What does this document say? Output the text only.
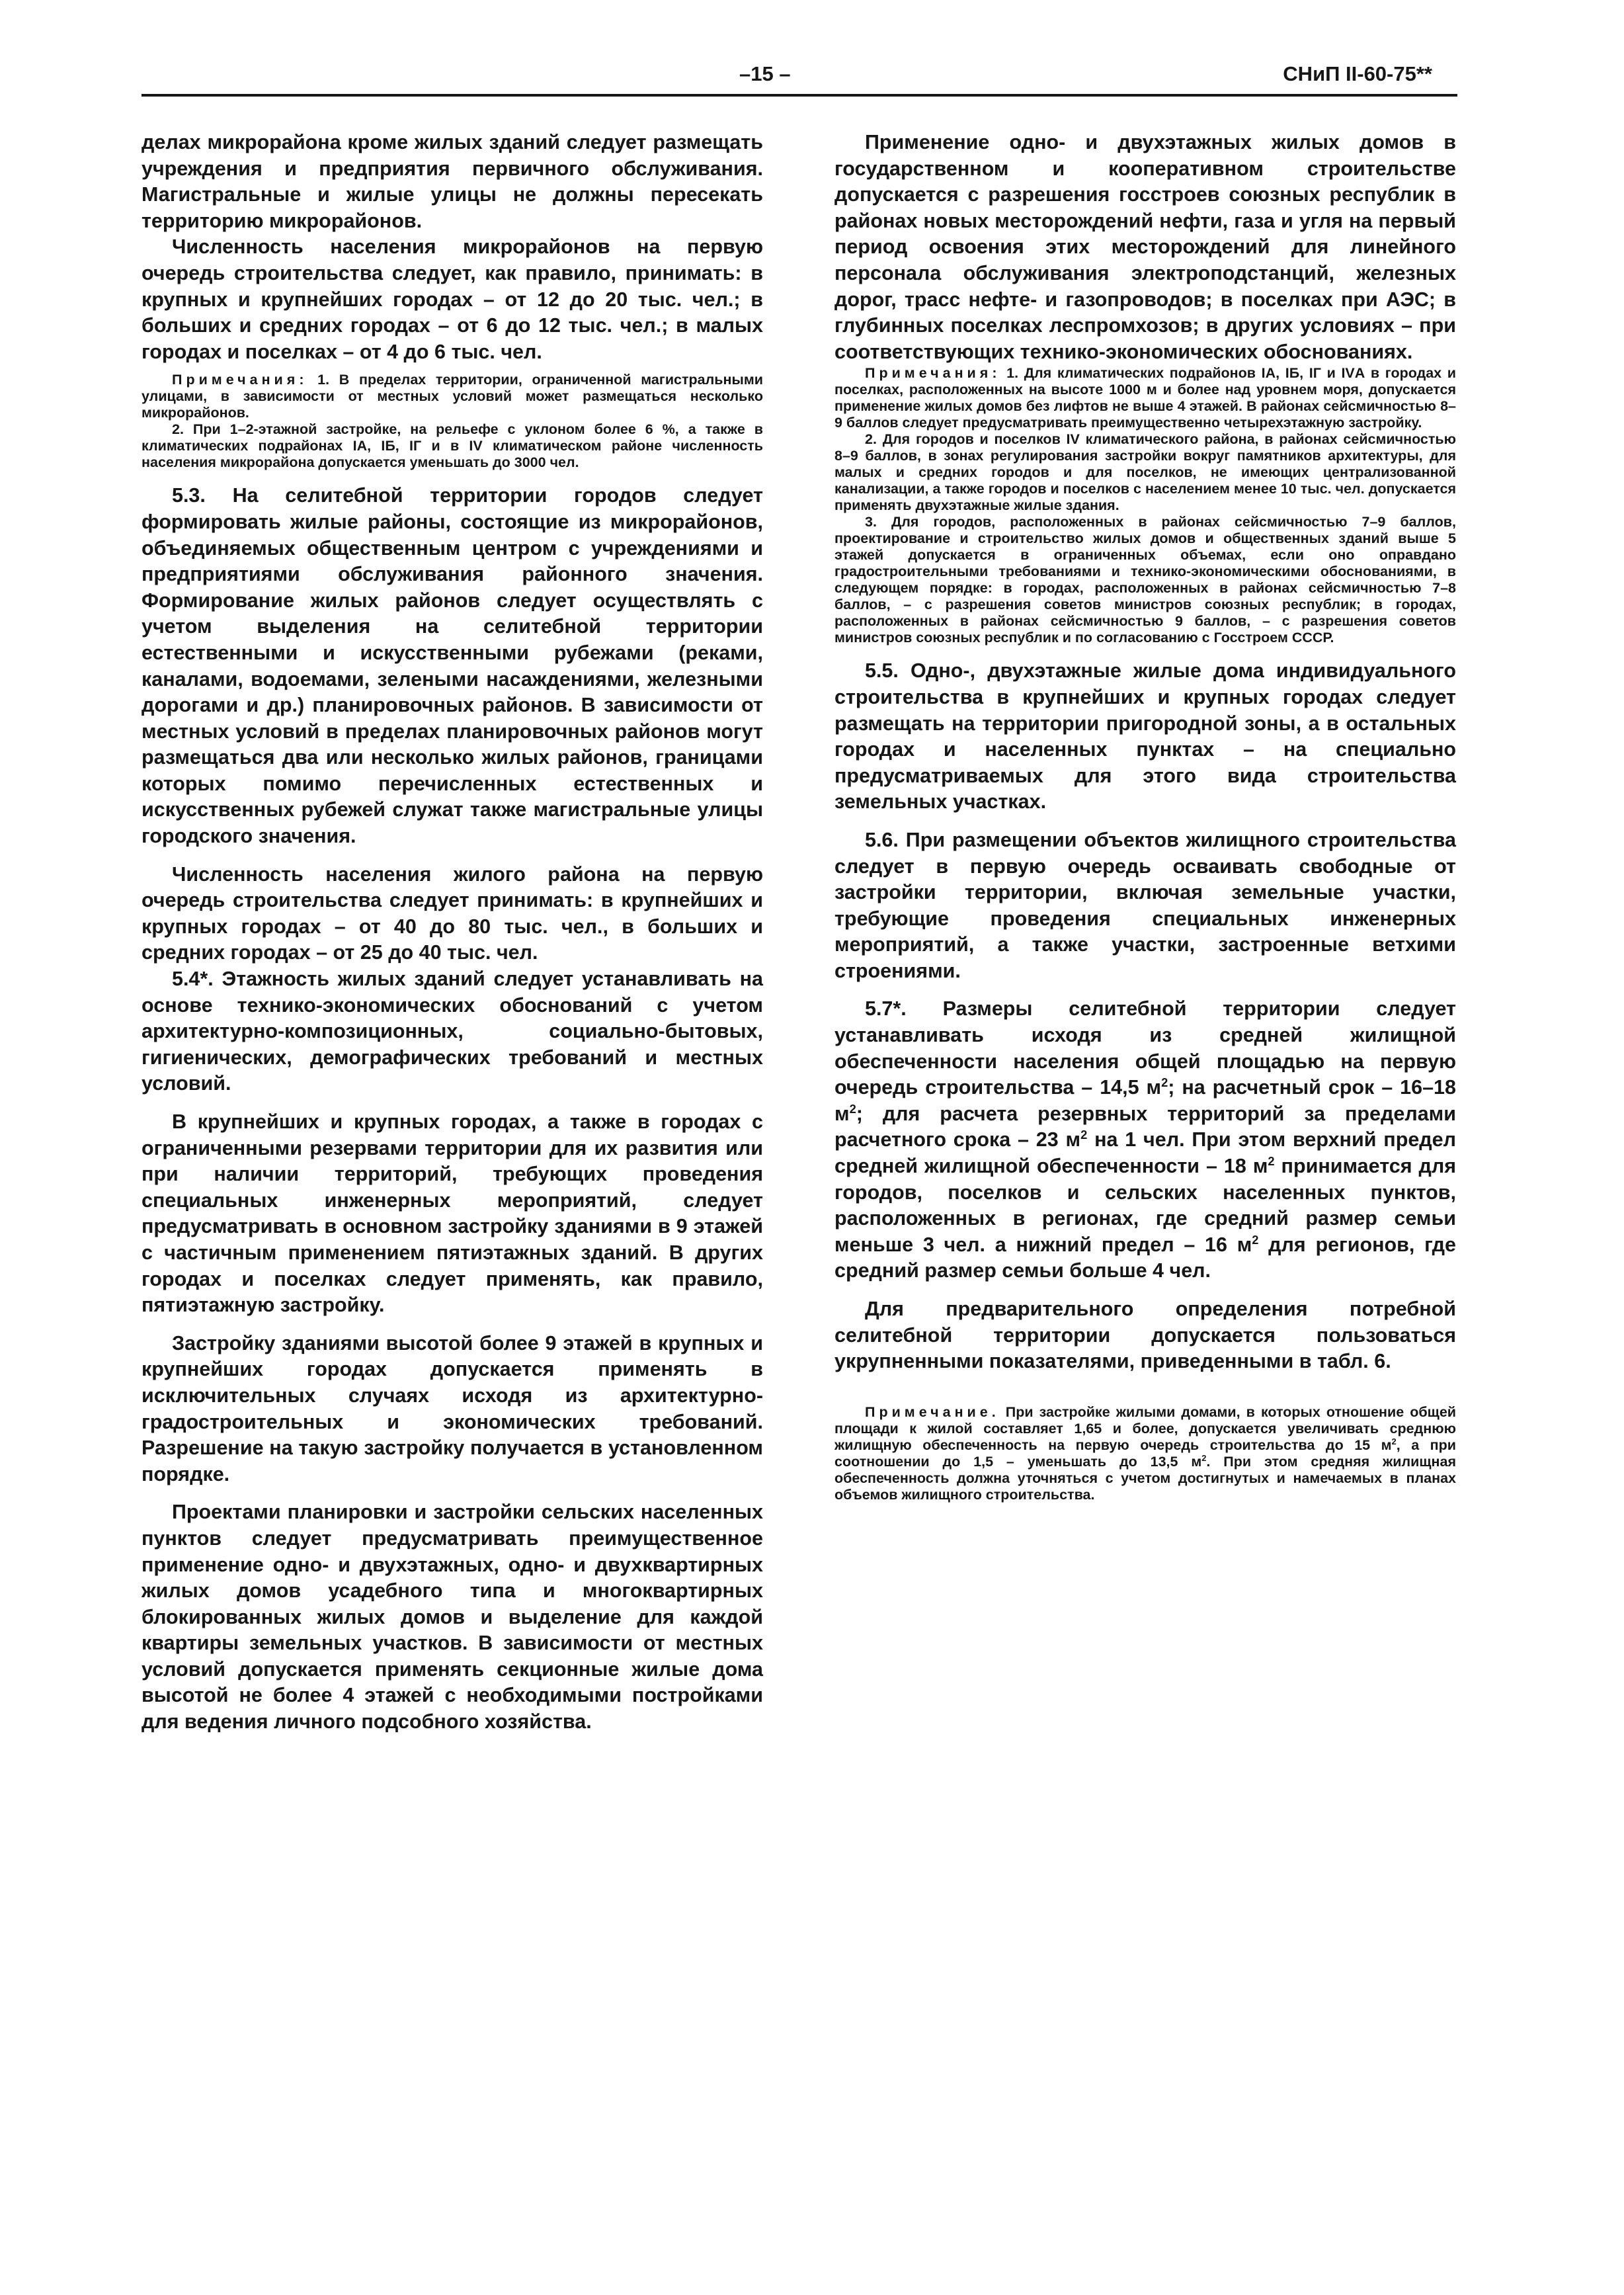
–15 –	СНиП II-60-75**

делах микрорайона кроме жилых зданий следует размещать учреждения и предприятия первичного обслуживания. Магистральные и жилые улицы не должны пересекать территорию микрорайонов.

Численность населения микрорайонов на первую очередь строительства следует, как правило, принимать: в крупных и крупнейших городах – от 12 до 20 тыс. чел.; в больших и средних городах – от 6 до 12 тыс. чел.; в малых городах и поселках – от 4 до 6 тыс. чел.

Примечания: 1. В пределах территории, ограниченной магистральными улицами, в зависимости от местных условий может размещаться несколько микрорайонов.

2. При 1–2-этажной застройке, на рельефе с уклоном более 6 %, а также в климатических подрайонах IА, IБ, IГ и в IV климатическом районе численность населения микрорайона допускается уменьшать до 3000 чел.

5.3. На селитебной территории городов следует формировать жилые районы, состоящие из микрорайонов, объединяемых общественным центром с учреждениями и предприятиями обслуживания районного значения. Формирование жилых районов следует осуществлять с учетом выделения на селитебной территории естественными и искусственными рубежами (реками, каналами, водоемами, зелеными насаждениями, железными дорогами и др.) планировочных районов. В зависимости от местных условий в пределах планировочных районов могут размещаться два или несколько жилых районов, границами которых помимо перечисленных естественных и искусственных рубежей служат также магистральные улицы городского значения.

Численность населения жилого района на первую очередь строительства следует принимать: в крупнейших и крупных городах – от 40 до 80 тыс. чел., в больших и средних городах – от 25 до 40 тыс. чел.

5.4*. Этажность жилых зданий следует устанавливать на основе технико-экономических обоснований с учетом архитектурно-композиционных, социально-бытовых, гигиенических, демографических требований и местных условий.

В крупнейших и крупных городах, а также в городах с ограниченными резервами территории для их развития или при наличии территорий, требующих проведения специальных инженерных мероприятий, следует предусматривать в основном застройку зданиями в 9 этажей с частичным применением пятиэтажных зданий. В других городах и поселках следует применять, как правило, пятиэтажную застройку.

Застройку зданиями высотой более 9 этажей в крупных и крупнейших городах допускается применять в исключительных случаях исходя из архитектурно-градостроительных и экономических требований. Разрешение на такую застройку получается в установленном порядке.

Проектами планировки и застройки сельских населенных пунктов следует предусматривать преимущественное применение одно- и двухэтажных, одно- и двухквартирных жилых домов усадебного типа и многоквартирных блокированных жилых домов и выделение для каждой квартиры земельных участков. В зависимости от местных условий допускается применять секционные жилые дома высотой не более 4 этажей с необходимыми постройками для ведения личного подсобного хозяйства.

Применение одно- и двухэтажных жилых домов в государственном и кооперативном строительстве допускается с разрешения госстроев союзных республик в районах новых месторождений нефти, газа и угля на первый период освоения этих месторождений для линейного персонала обслуживания электроподстанций, железных дорог, трасс нефте- и газопроводов; в поселках при АЭС; в глубинных поселках леспромхозов; в других условиях – при соответствующих технико-экономических обоснованиях.

Примечания: 1. Для климатических подрайонов IА, IБ, IГ и IVА в городах и поселках, расположенных на высоте 1000 м и более над уровнем моря, допускается применение жилых домов без лифтов не выше 4 этажей. В районах сейсмичностью 8–9 баллов следует предусматривать преимущественно четырехэтажную застройку.

2. Для городов и поселков IV климатического района, в районах сейсмичностью 8–9 баллов, в зонах регулирования застройки вокруг памятников архитектуры, для малых и средних городов и для поселков, не имеющих централизованной канализации, а также городов и поселков с населением менее 10 тыс. чел. допускается применять двухэтажные жилые здания.

3. Для городов, расположенных в районах сейсмичностью 7–9 баллов, проектирование и строительство жилых домов и общественных зданий выше 5 этажей допускается в ограниченных объемах, если оно оправдано градостроительными требованиями и технико-экономическими обоснованиями, в следующем порядке: в городах, расположенных в районах сейсмичностью 7–8 баллов, – с разрешения советов министров союзных республик; в городах, расположенных в районах сейсмичностью 9 баллов, – с разрешения советов министров союзных республик и по согласованию с Госстроем СССР.

5.5. Одно-, двухэтажные жилые дома индивидуального строительства в крупнейших и крупных городах следует размещать на территории пригородной зоны, а в остальных городах и населенных пунктах – на специально предусматриваемых для этого вида строительства земельных участках.

5.6. При размещении объектов жилищного строительства следует в первую очередь осваивать свободные от застройки территории, включая земельные участки, требующие проведения специальных инженерных мероприятий, а также участки, застроенные ветхими строениями.

5.7*. Размеры селитебной территории следует устанавливать исходя из средней жилищной обеспеченности населения общей площадью на первую очередь строительства – 14,5 $м^2$; на расчетный срок – 16–18 $м^2$; для расчета резервных территорий за пределами расчетного срока – 23 $м^2$ на 1 чел. При этом верхний предел средней жилищной обеспеченности – 18 $м^2$ принимается для городов, поселков и сельских населенных пунктов, расположенных в регионах, где средний размер семьи меньше 3 чел. а нижний предел – 16 $м^2$ для регионов, где средний размер семьи больше 4 чел.

Для предварительного определения потребной селитебной территории допускается пользоваться укрупненными показателями, приведенными в табл. 6.

Примечание. При застройке жилыми домами, в которых отношение общей площади к жилой составляет 1,65 и более, допускается увеличивать среднюю жилищную обеспеченность на первую очередь строительства до 15 $м^2$, а при соотношении до 1,5 – уменьшать до 13,5 $м^2$. При этом средняя жилищная обеспеченность должна уточняться с учетом достигнутых и намечаемых в планах объемов жилищного строительства.
